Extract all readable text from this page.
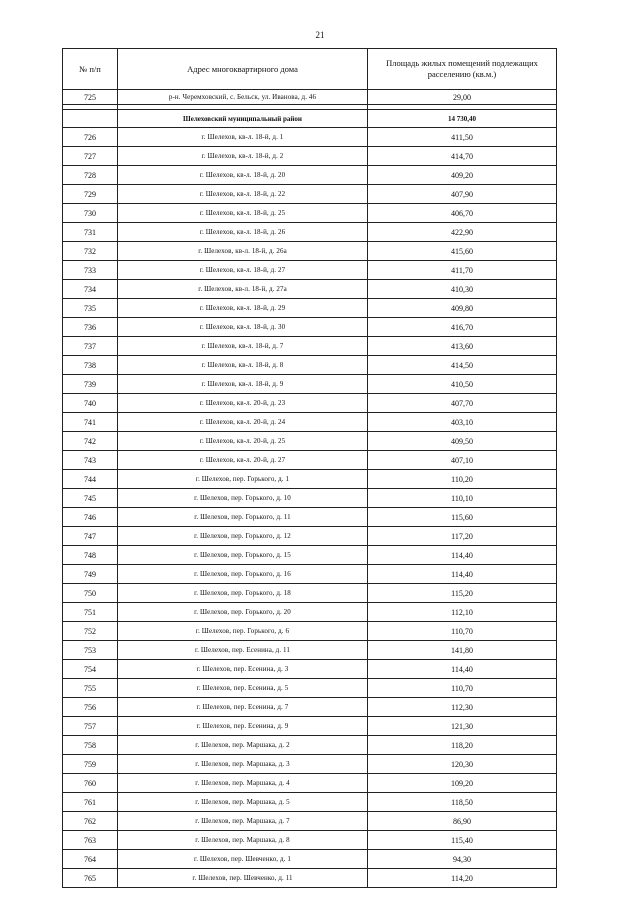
21
№ п/п	Адрес многоквартирного дома	Площадь жилых помещений подлежащих расселению (кв.м.)
725	р-н. Черемховский, с. Бельск, ул. Иванова, д. 46	29,00

	Шелеховский муниципальный район	14 730,40
726	г. Шелехов, кв-л. 18-й, д. 1	411,50
727	г. Шелехов, кв-л. 18-й, д. 2	414,70
728	г. Шелехов, кв-л. 18-й, д. 20	409,20
729	г. Шелехов, кв-л. 18-й, д. 22	407,90
730	г. Шелехов, кв-л. 18-й, д. 25	406,70
731	г. Шелехов, кв-л. 18-й, д. 26	422,90
732	г. Шелехов, кв-л. 18-й, д. 26а	415,60
733	г. Шелехов, кв-л. 18-й, д. 27	411,70
734	г. Шелехов, кв-л. 18-й, д. 27а	410,30
735	г. Шелехов, кв-л. 18-й, д. 29	409,80
736	г. Шелехов, кв-л. 18-й, д. 30	416,70
737	г. Шелехов, кв-л. 18-й, д. 7	413,60
738	г. Шелехов, кв-л. 18-й, д. 8	414,50
739	г. Шелехов, кв-л. 18-й, д. 9	410,50
740	г. Шелехов, кв-л. 20-й, д. 23	407,70
741	г. Шелехов, кв-л. 20-й, д. 24	403,10
742	г. Шелехов, кв-л. 20-й, д. 25	409,50
743	г. Шелехов, кв-л. 20-й, д. 27	407,10
744	г. Шелехов, пер. Горького, д. 1	110,20
745	г. Шелехов, пер. Горького, д. 10	110,10
746	г. Шелехов, пер. Горького, д. 11	115,60
747	г. Шелехов, пер. Горького, д. 12	117,20
748	г. Шелехов, пер. Горького, д. 15	114,40
749	г. Шелехов, пер. Горького, д. 16	114,40
750	г. Шелехов, пер. Горького, д. 18	115,20
751	г. Шелехов, пер. Горького, д. 20	112,10
752	г. Шелехов, пер. Горького, д. 6	110,70
753	г. Шелехов, пер. Есенина, д. 11	141,80
754	г. Шелехов, пер. Есенина, д. 3	114,40
755	г. Шелехов, пер. Есенина, д. 5	110,70
756	г. Шелехов, пер. Есенина, д. 7	112,30
757	г. Шелехов, пер. Есенина, д. 9	121,30
758	г. Шелехов, пер. Маршака, д. 2	118,20
759	г. Шелехов, пер. Маршака, д. 3	120,30
760	г. Шелехов, пер. Маршака, д. 4	109,20
761	г. Шелехов, пер. Маршака, д. 5	118,50
762	г. Шелехов, пер. Маршака, д. 7	86,90
763	г. Шелехов, пер. Маршака, д. 8	115,40
764	г. Шелехов, пер. Шевченко, д. 1	94,30
765	г. Шелехов, пер. Шевченко, д. 11	114,20
